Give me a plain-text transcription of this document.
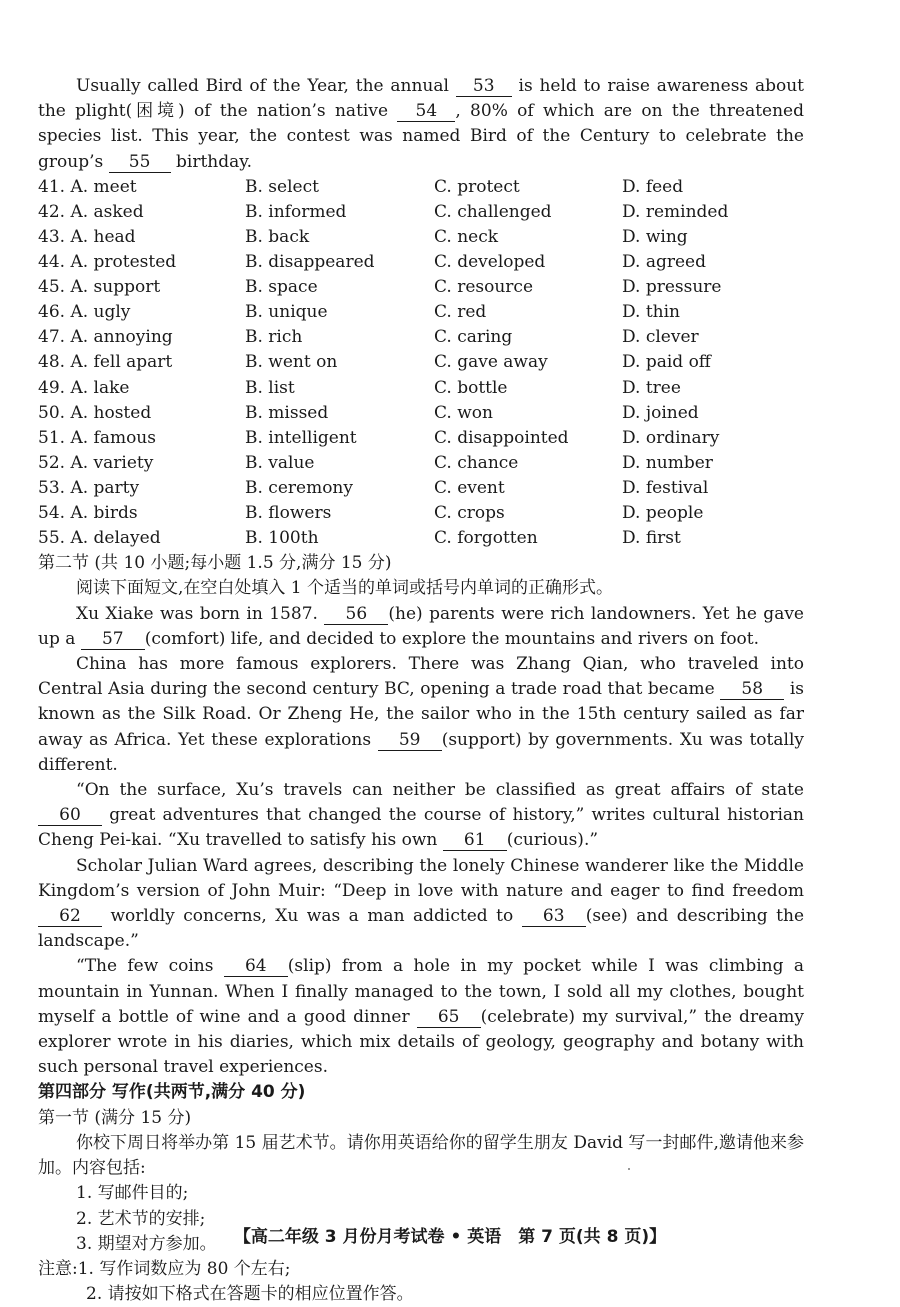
Usually called Bird of the Year, the annual 53 is held to raise awareness about the plight(困境) of the nation’s native 54 , 80% of which are on the threatened species list. This year, the contest was named Bird of the Century to celebrate the group’s 55 birthday.

41. A. meet	B. select	C. protect	D. feed
42. A. asked	B. informed	C. challenged	D. reminded
43. A. head	B. back	C. neck	D. wing
44. A. protested	B. disappeared	C. developed	D. agreed
45. A. support	B. space	C. resource	D. pressure
46. A. ugly	B. unique	C. red	D. thin
47. A. annoying	B. rich	C. caring	D. clever
48. A. fell apart	B. went on	C. gave away	D. paid off
49. A. lake	B. list	C. bottle	D. tree
50. A. hosted	B. missed	C. won	D. joined
51. A. famous	B. intelligent	C. disappointed	D. ordinary
52. A. variety	B. value	C. chance	D. number
53. A. party	B. ceremony	C. event	D. festival
54. A. birds	B. flowers	C. crops	D. people
55. A. delayed	B. 100th	C. forgotten	D. first

第二节 (共 10 小题;每小题 1.5 分,满分 15 分)

阅读下面短文,在空白处填入 1 个适当的单词或括号内单词的正确形式。

Xu Xiake was born in 1587. 56 (he) parents were rich landowners. Yet he gave up a 57 (comfort) life, and decided to explore the mountains and rivers on foot.

China has more famous explorers. There was Zhang Qian, who traveled into Central Asia during the second century BC, opening a trade road that became 58 is known as the Silk Road. Or Zheng He, the sailor who in the 15th century sailed as far away as Africa. Yet these explorations 59 (support) by governments. Xu was totally different.

“On the surface, Xu’s travels can neither be classified as great affairs of state 60 great adventures that changed the course of history,” writes cultural historian Cheng Pei-kai. “Xu travelled to satisfy his own 61 (curious).”

Scholar Julian Ward agrees, describing the lonely Chinese wanderer like the Middle Kingdom’s version of John Muir: “Deep in love with nature and eager to find freedom 62 worldly concerns, Xu was a man addicted to 63 (see) and describing the landscape.”

“The few coins 64 (slip) from a hole in my pocket while I was climbing a mountain in Yunnan. When I finally managed to the town, I sold all my clothes, bought myself a bottle of wine and a good dinner 65 (celebrate) my survival,” the dreamy explorer wrote in his diaries, which mix details of geology, geography and botany with such personal travel experiences.

第四部分 写作(共两节,满分 40 分)

第一节 (满分 15 分)

你校下周日将举办第 15 届艺术节。请你用英语给你的留学生朋友 David 写一封邮件,邀请他来参加。内容包括:

1. 写邮件目的;

2. 艺术节的安排;

3. 期望对方参加。

注意:1. 写作词数应为 80 个左右;

2. 请按如下格式在答题卡的相应位置作答。

【高二年级 3 月份月考试卷 • 英语　第 7 页(共 8 页)】
